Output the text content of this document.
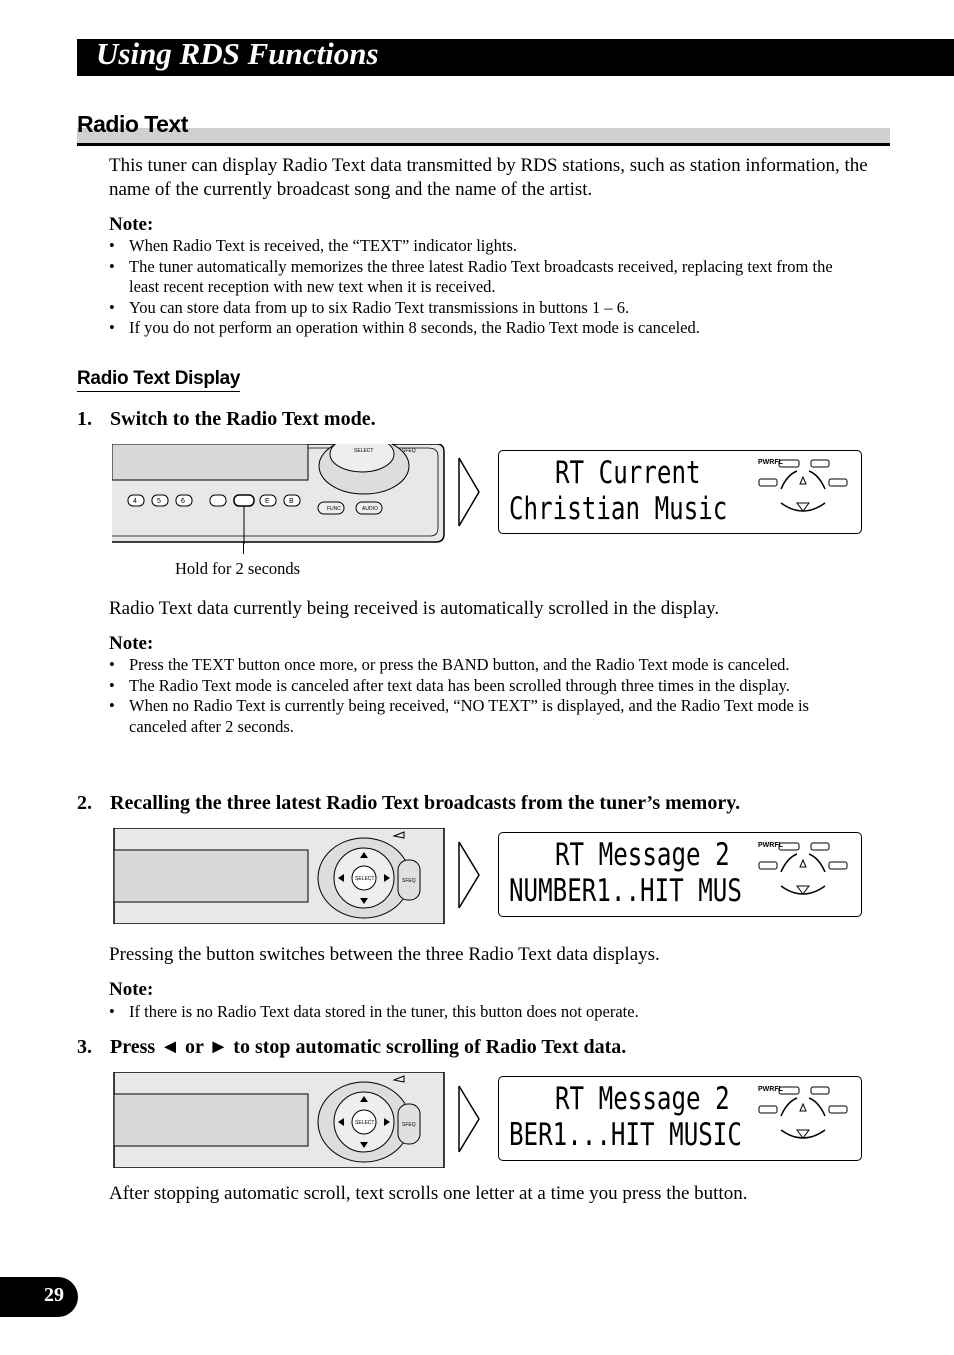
Using RDS Functions
Radio Text
This tuner can display Radio Text data transmitted by RDS stations, such as station information, the name of the currently broadcast song and the name of the artist.
Note:
• When Radio Text is received, the “TEXT” indicator lights.
• The tuner automatically memorizes the three latest Radio Text broadcasts received, replacing text from the least recent reception with new text when it is received.
• You can store data from up to six Radio Text transmissions in buttons 1 – 6.
• If you do not perform an operation within 8 seconds, the Radio Text mode is canceled.
Radio Text Display
1. Switch to the Radio Text mode.
SELECT	SFEQ
FUNC	AUDIO
4	5	6	E	B
Hold for 2 seconds
RT Current
Christian Music
PWRFL
Radio Text data currently being received is automatically scrolled in the display.
Note:
• Press the TEXT button once more, or press the BAND button, and the Radio Text mode is canceled.
• The Radio Text mode is canceled after text data has been scrolled through three times in the display.
• When no Radio Text is currently being received, “NO TEXT” is displayed, and the Radio Text mode is canceled after 2 seconds.
2. Recalling the three latest Radio Text broadcasts from the tuner’s memory.
SELECT	SFEQ
RT Message 2
NUMBER1..HIT MUS
PWRFL
Pressing the button switches between the three Radio Text data displays.
Note:
• If there is no Radio Text data stored in the tuner, this button does not operate.
3. Press ◄ or ► to stop automatic scrolling of Radio Text data.
SELECT	SFEQ
RT Message 2
BER1...HIT MUSIC
PWRFL
After stopping automatic scroll, text scrolls one letter at a time you press the button.
29
